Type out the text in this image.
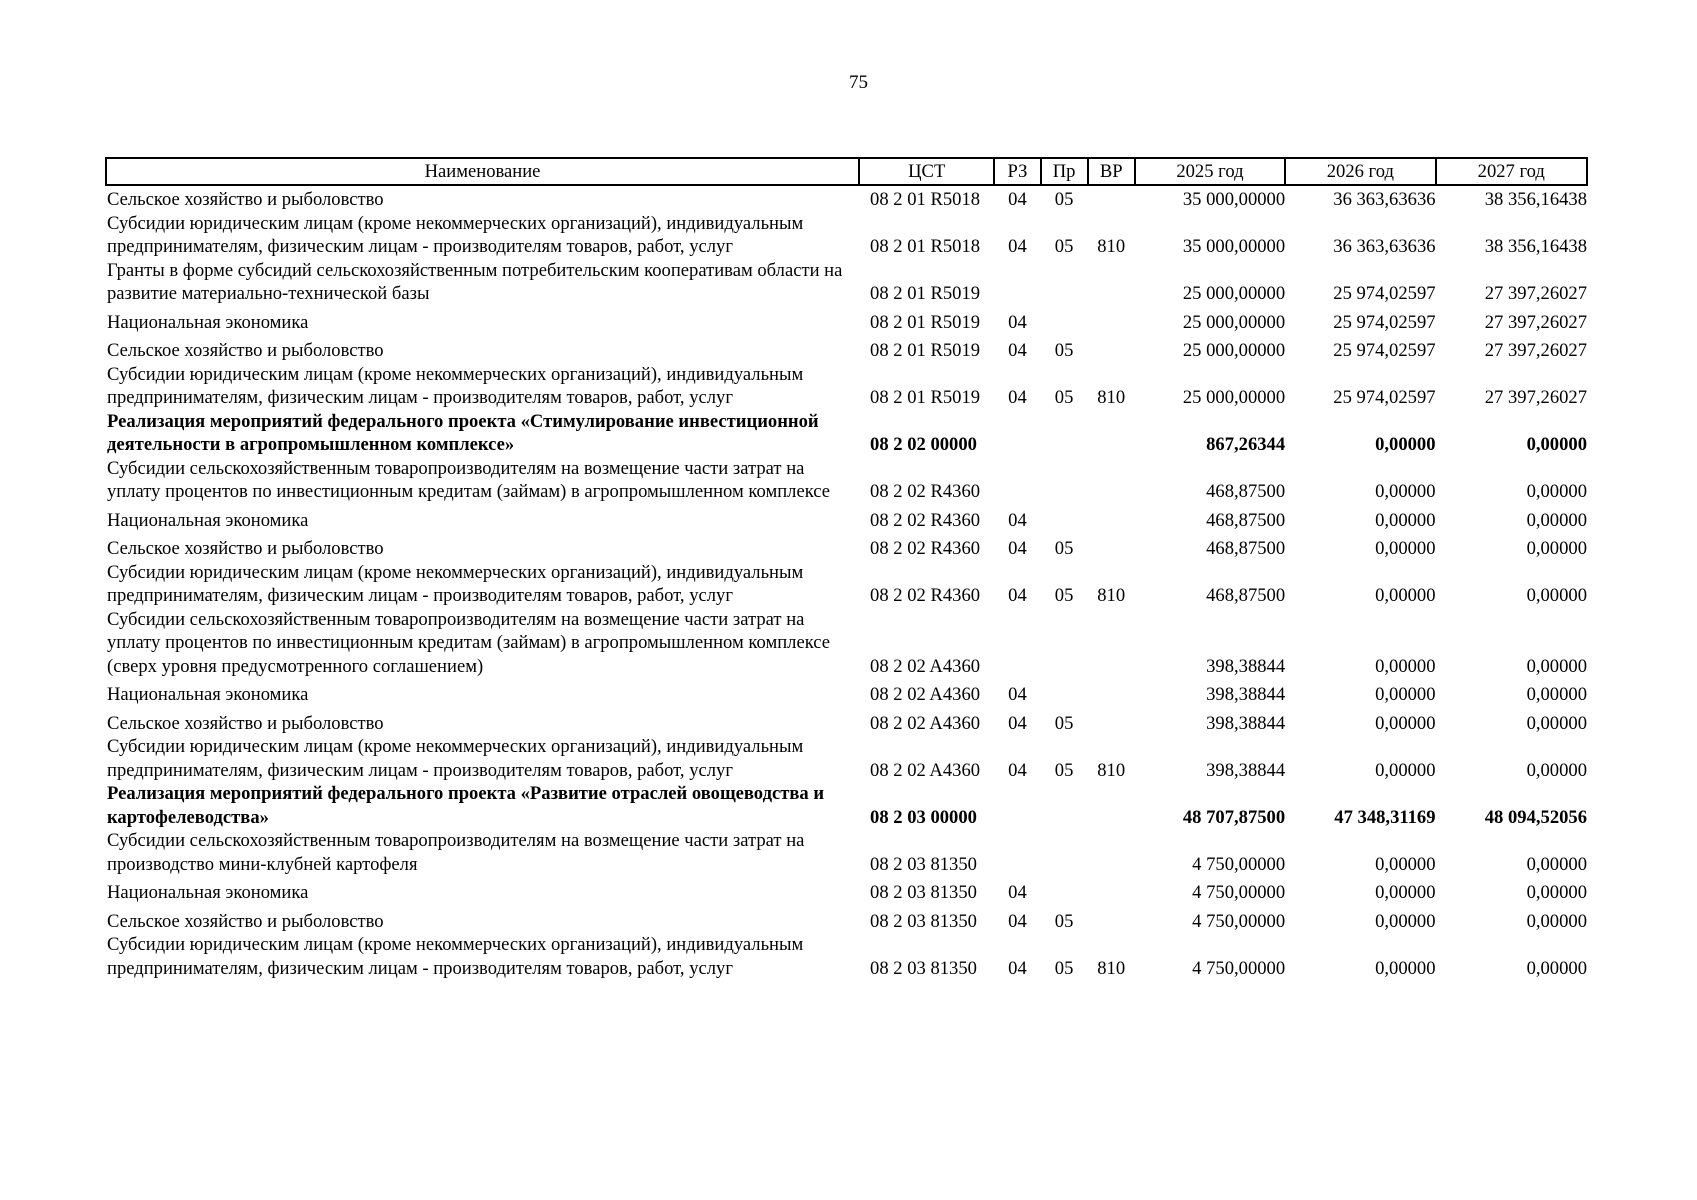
75
Наименование	ЦСТ	РЗ	Пр	ВР	2025 год	2026 год	2027 год
Сельское хозяйство и рыболовство	08 2 01 R5018	04	05		35 000,00000	36 363,63636	38 356,16438
Субсидии юридическим лицам (кроме некоммерческих организаций), индивидуальным предпринимателям, физическим лицам - производителям товаров, работ, услуг	08 2 01 R5018	04	05	810	35 000,00000	36 363,63636	38 356,16438
Гранты в форме субсидий сельскохозяйственным потребительским кооперативам области на развитие материально-технической базы	08 2 01 R5019				25 000,00000	25 974,02597	27 397,26027
Национальная экономика	08 2 01 R5019	04			25 000,00000	25 974,02597	27 397,26027
Сельское хозяйство и рыболовство	08 2 01 R5019	04	05		25 000,00000	25 974,02597	27 397,26027
Субсидии юридическим лицам (кроме некоммерческих организаций), индивидуальным предпринимателям, физическим лицам - производителям товаров, работ, услуг	08 2 01 R5019	04	05	810	25 000,00000	25 974,02597	27 397,26027
Реализация мероприятий федерального проекта «Стимулирование инвестиционной деятельности в агропромышленном комплексе»	08 2 02 00000				867,26344	0,00000	0,00000
Субсидии сельскохозяйственным товаропроизводителям на возмещение части затрат на уплату процентов по инвестиционным кредитам (займам) в агропромышленном комплексе	08 2 02 R4360				468,87500	0,00000	0,00000
Национальная экономика	08 2 02 R4360	04			468,87500	0,00000	0,00000
Сельское хозяйство и рыболовство	08 2 02 R4360	04	05		468,87500	0,00000	0,00000
Субсидии юридическим лицам (кроме некоммерческих организаций), индивидуальным предпринимателям, физическим лицам - производителям товаров, работ, услуг	08 2 02 R4360	04	05	810	468,87500	0,00000	0,00000
Субсидии сельскохозяйственным товаропроизводителям на возмещение части затрат на уплату процентов по инвестиционным кредитам (займам) в агропромышленном комплексе (сверх уровня предусмотренного соглашением)	08 2 02 A4360				398,38844	0,00000	0,00000
Национальная экономика	08 2 02 A4360	04			398,38844	0,00000	0,00000
Сельское хозяйство и рыболовство	08 2 02 A4360	04	05		398,38844	0,00000	0,00000
Субсидии юридическим лицам (кроме некоммерческих организаций), индивидуальным предпринимателям, физическим лицам - производителям товаров, работ, услуг	08 2 02 A4360	04	05	810	398,38844	0,00000	0,00000
Реализация мероприятий федерального проекта «Развитие отраслей овощеводства и картофелеводства»	08 2 03 00000				48 707,87500	47 348,31169	48 094,52056
Субсидии сельскохозяйственным товаропроизводителям на возмещение части затрат на производство мини-клубней картофеля	08 2 03 81350				4 750,00000	0,00000	0,00000
Национальная экономика	08 2 03 81350	04			4 750,00000	0,00000	0,00000
Сельское хозяйство и рыболовство	08 2 03 81350	04	05		4 750,00000	0,00000	0,00000
Субсидии юридическим лицам (кроме некоммерческих организаций), индивидуальным предпринимателям, физическим лицам - производителям товаров, работ, услуг	08 2 03 81350	04	05	810	4 750,00000	0,00000	0,00000
